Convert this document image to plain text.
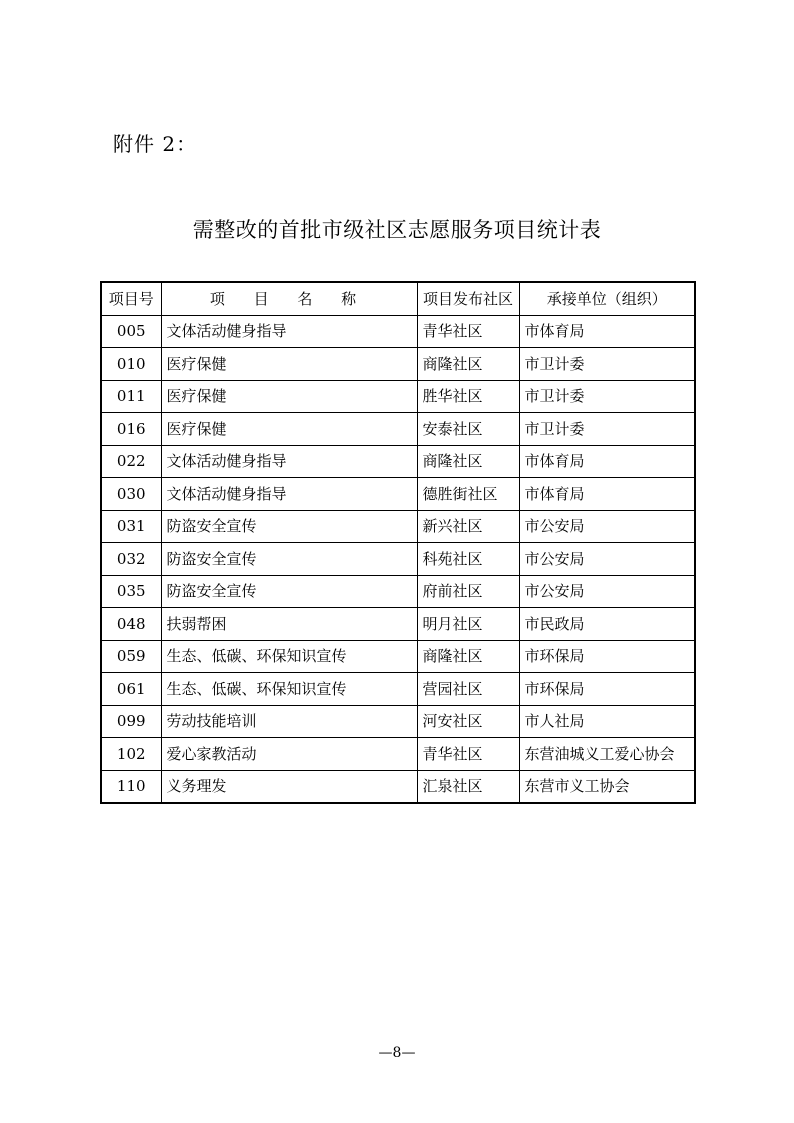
附件 2：
需整改的首批市级社区志愿服务项目统计表
项目号	项 目 名 称	项目发布社区	承接单位（组织）
005	文体活动健身指导	青华社区	市体育局
010	医疗保健	商隆社区	市卫计委
011	医疗保健	胜华社区	市卫计委
016	医疗保健	安泰社区	市卫计委
022	文体活动健身指导	商隆社区	市体育局
030	文体活动健身指导	德胜街社区	市体育局
031	防盗安全宣传	新兴社区	市公安局
032	防盗安全宣传	科苑社区	市公安局
035	防盗安全宣传	府前社区	市公安局
048	扶弱帮困	明月社区	市民政局
059	生态、低碳、环保知识宣传	商隆社区	市环保局
061	生态、低碳、环保知识宣传	营园社区	市环保局
099	劳动技能培训	河安社区	市人社局
102	爱心家教活动	青华社区	东营油城义工爱心协会
110	义务理发	汇泉社区	东营市义工协会
—8—
